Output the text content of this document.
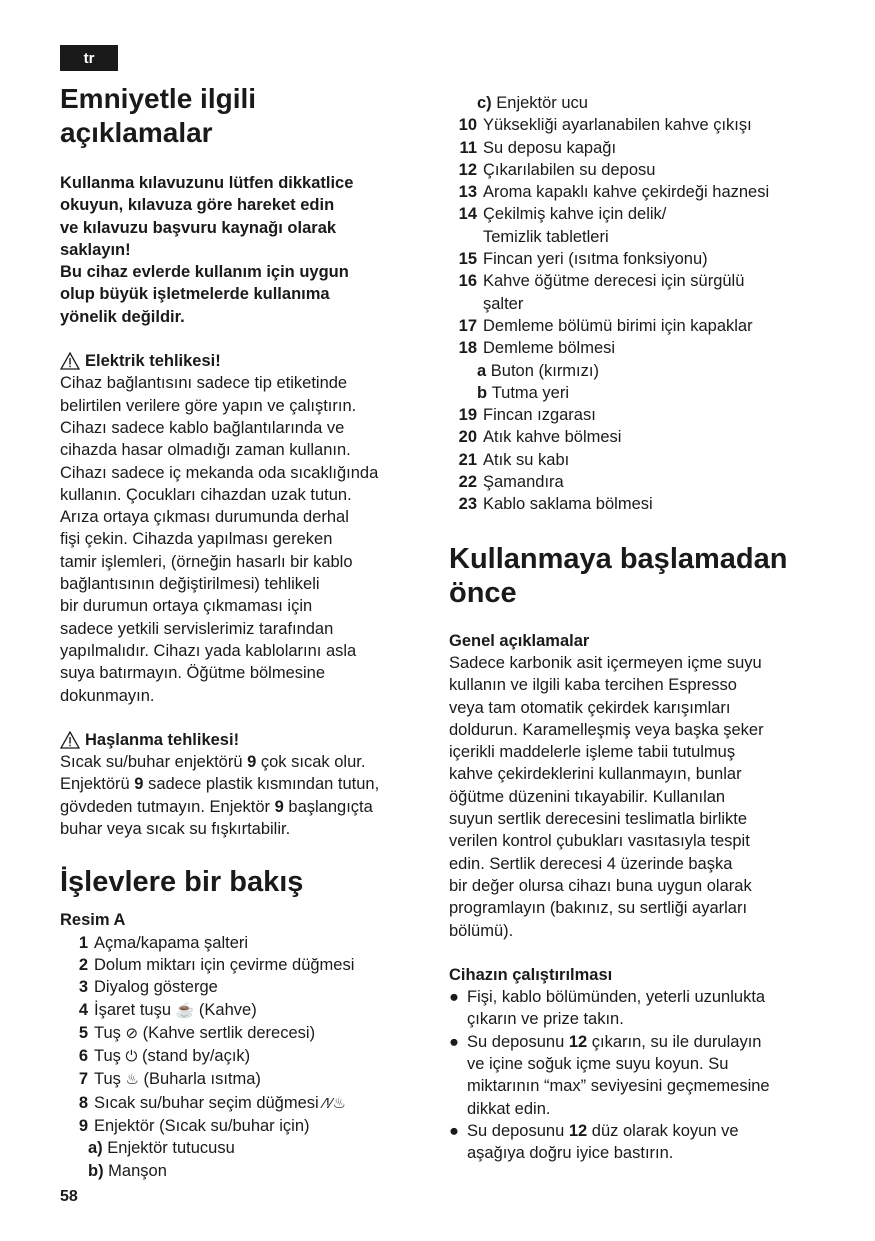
tr
Emniyetle ilgili
açıklamalar

Kullanma kılavuzunu lütfen dikkatlice

okuyun, kılavuza göre hareket edin

ve kılavuzu başvuru kaynağı olarak

saklayın!

Bu cihaz evlerde kullanım için uygun

olup büyük işletmelerde kullanıma

yönelik değildir.

Elektrik tehlikesi!

Cihaz bağlantısını sadece tip etiketinde

belirtilen verilere göre yapın ve çalıştırın.

Cihazı sadece kablo bağlantılarında ve

cihazda hasar olmadığı zaman kullanın.

Cihazı sadece iç mekanda oda sıcaklığında

kullanın. Çocukları cihazdan uzak tutun.

Arıza ortaya çıkması durumunda derhal

fişi çekin. Cihazda yapılması gereken

tamir işlemleri, (örneğin hasarlı bir kablo

bağlantısının değiştirilmesi) tehlikeli

bir durumun ortaya çıkmaması için

sadece yetkili servislerimiz tarafından

yapılmalıdır. Cihazı yada kablolarını asla

suya batırmayın. Öğütme bölmesine

dokunmayın.

Haşlanma tehlikesi!

Sıcak su/buhar enjektörü 9 çok sıcak olur.

Enjektörü 9 sadece plastik kısmından tutun,

gövdeden tutmayın. Enjektör 9 başlangıçta

buhar veya sıcak su fışkırtabilir.

İşlevlere bir bakış
Resim A
1 Açma/kapama şalteri
2 Dolum miktarı için çevirme düğmesi
3 Diyalog gösterge
4 İşaret tuşu ☕ (Kahve)
5 Tuş ⊘ (Kahve sertlik derecesi)
6 Tuş ⏻ (stand by/açık)
7 Tuş ♨ (Buharla ısıtma)
8 Sıcak su/buhar seçim düğmesi ⁄!⁄♨
9 Enjektör (Sıcak su/buhar için)
a)
Enjektör tutucusu
b)
Manşon
c)
Enjektör ucu
10 Yüksekliği ayarlanabilen kahve çıkışı
11 Su deposu kapağı
12 Çıkarılabilen su deposu
13 Aroma kapaklı kahve çekirdeği haznesi
14 Çekilmiş kahve için delik/
Temizlik tabletleri
15 Fincan yeri (ısıtma fonksiyonu)
16 Kahve öğütme derecesi için sürgülü
şalter
17 Demleme bölümü birimi için kapaklar
18 Demleme bölmesi
a
Buton (kırmızı)
b
Tutma yeri
19 Fincan ızgarası
20 Atık kahve bölmesi
21 Atık su kabı
22 Şamandıra
23 Kablo saklama bölmesi
Kullanmaya başlamadan
önce
Genel açıklamalar

Sadece karbonik asit içermeyen içme suyu

kullanın ve ilgili kaba tercihen Espresso

veya tam otomatik çekirdek karışımları

doldurun. Karamelleşmiş veya başka şeker

içerikli maddelerle işleme tabii tutulmuş

kahve çekirdeklerini kullanmayın, bunlar

öğütme düzenini tıkayabilir. Kullanılan

suyun sertlik derecesini teslimatla birlikte

verilen kontrol çubukları vasıtasıyla tespit

edin. Sertlik derecesi 4 üzerinde başka

bir değer olursa cihazı buna uygun olarak

programlayın (bakınız, su sertliği ayarları

bölümü).

Cihazın çalıştırılması
● Fişi, kablo bölümünden, yeterli uzunlukta
çıkarın ve prize takın.
● Su deposunu 12 çıkarın, su ile durulayın
ve içine soğuk içme suyu koyun. Su
miktarının “max” seviyesini geçmemesine
dikkat edin.
● Su deposunu 12 düz olarak koyun ve
aşağıya doğru iyice bastırın.
58
